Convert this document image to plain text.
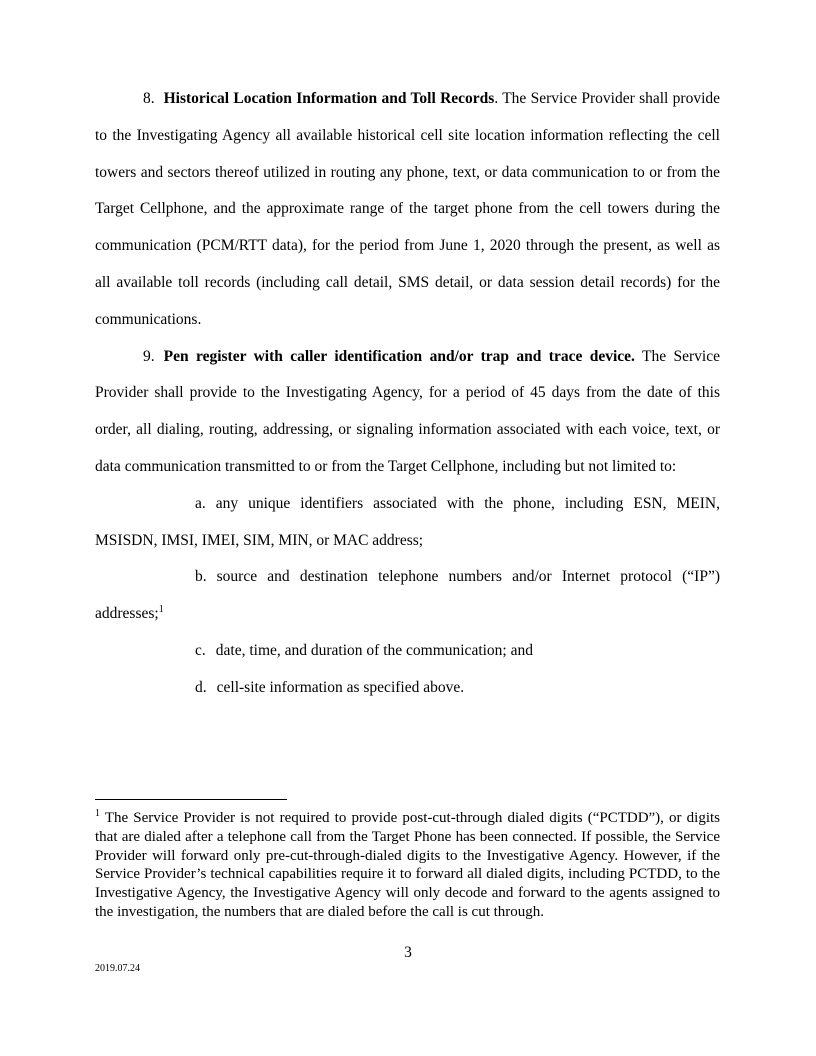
8. Historical Location Information and Toll Records. The Service Provider shall provide to the Investigating Agency all available historical cell site location information reflecting the cell towers and sectors thereof utilized in routing any phone, text, or data communication to or from the Target Cellphone, and the approximate range of the target phone from the cell towers during the communication (PCM/RTT data), for the period from June 1, 2020 through the present, as well as all available toll records (including call detail, SMS detail, or data session detail records) for the communications.

9. Pen register with caller identification and/or trap and trace device. The Service Provider shall provide to the Investigating Agency, for a period of 45 days from the date of this order, all dialing, routing, addressing, or signaling information associated with each voice, text, or data communication transmitted to or from the Target Cellphone, including but not limited to:

a. any unique identifiers associated with the phone, including ESN, MEIN, MSISDN, IMSI, IMEI, SIM, MIN, or MAC address;

b. source and destination telephone numbers and/or Internet protocol (“IP”) addresses;$^1$

c. date, time, and duration of the communication; and

d. cell-site information as specified above.

$^1$ The Service Provider is not required to provide post-cut-through dialed digits (“PCTDD”), or digits that are dialed after a telephone call from the Target Phone has been connected. If possible, the Service Provider will forward only pre-cut-through-dialed digits to the Investigative Agency. However, if the Service Provider’s technical capabilities require it to forward all dialed digits, including PCTDD, to the Investigative Agency, the Investigative Agency will only decode and forward to the agents assigned to the investigation, the numbers that are dialed before the call is cut through.

3
2019.07.24
